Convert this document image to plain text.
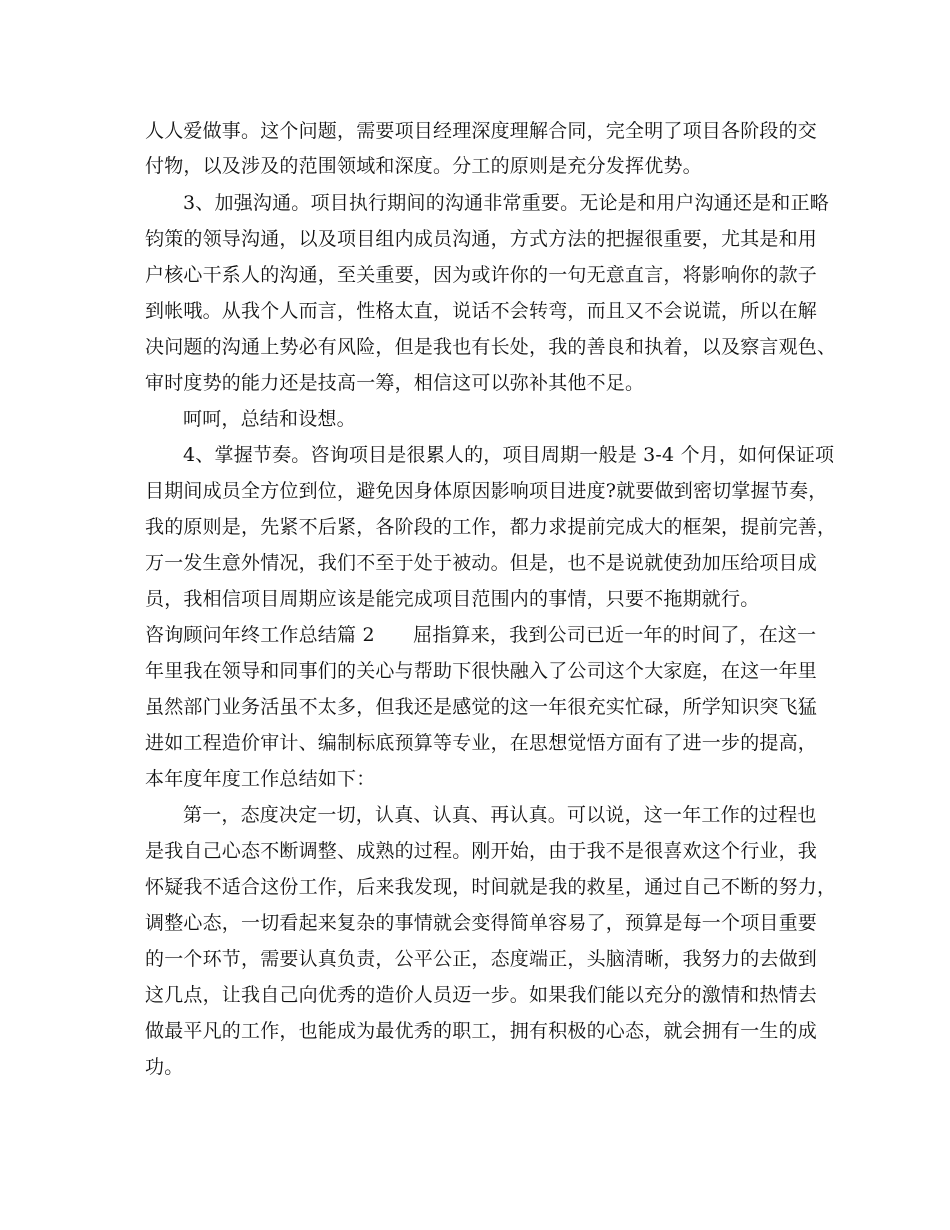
人人爱做事。这个问题，需要项目经理深度理解合同，完全明了项目各阶段的交
付物，以及涉及的范围领域和深度。分工的原则是充分发挥优势。
3、加强沟通。项目执行期间的沟通非常重要。无论是和用户沟通还是和正略
钧策的领导沟通，以及项目组内成员沟通，方式方法的把握很重要，尤其是和用
户核心干系人的沟通，至关重要，因为或许你的一句无意直言，将影响你的款子
到帐哦。从我个人而言，性格太直，说话不会转弯，而且又不会说谎，所以在解
决问题的沟通上势必有风险，但是我也有长处，我的善良和执着，以及察言观色、
审时度势的能力还是技高一筹，相信这可以弥补其他不足。
呵呵，总结和设想。
4、掌握节奏。咨询项目是很累人的，项目周期一般是 3-4 个月，如何保证项
目期间成员全方位到位，避免因身体原因影响项目进度?就要做到密切掌握节奏，
我的原则是，先紧不后紧，各阶段的工作，都力求提前完成大的框架，提前完善，
万一发生意外情况，我们不至于处于被动。但是，也不是说就使劲加压给项目成
员，我相信项目周期应该是能完成项目范围内的事情，只要不拖期就行。
咨询顾问年终工作总结篇 2　　屈指算来，我到公司已近一年的时间了，在这一
年里我在领导和同事们的关心与帮助下很快融入了公司这个大家庭，在这一年里
虽然部门业务活虽不太多，但我还是感觉的这一年很充实忙碌，所学知识突飞猛
进如工程造价审计、编制标底预算等专业，在思想觉悟方面有了进一步的提高，
本年度年度工作总结如下：
第一，态度决定一切，认真、认真、再认真。可以说，这一年工作的过程也
是我自己心态不断调整、成熟的过程。刚开始，由于我不是很喜欢这个行业，我
怀疑我不适合这份工作，后来我发现，时间就是我的救星，通过自己不断的努力，
调整心态，一切看起来复杂的事情就会变得简单容易了，预算是每一个项目重要
的一个环节，需要认真负责，公平公正，态度端正，头脑清晰，我努力的去做到
这几点，让我自己向优秀的造价人员迈一步。如果我们能以充分的激情和热情去
做最平凡的工作，也能成为最优秀的职工，拥有积极的心态，就会拥有一生的成
功。
